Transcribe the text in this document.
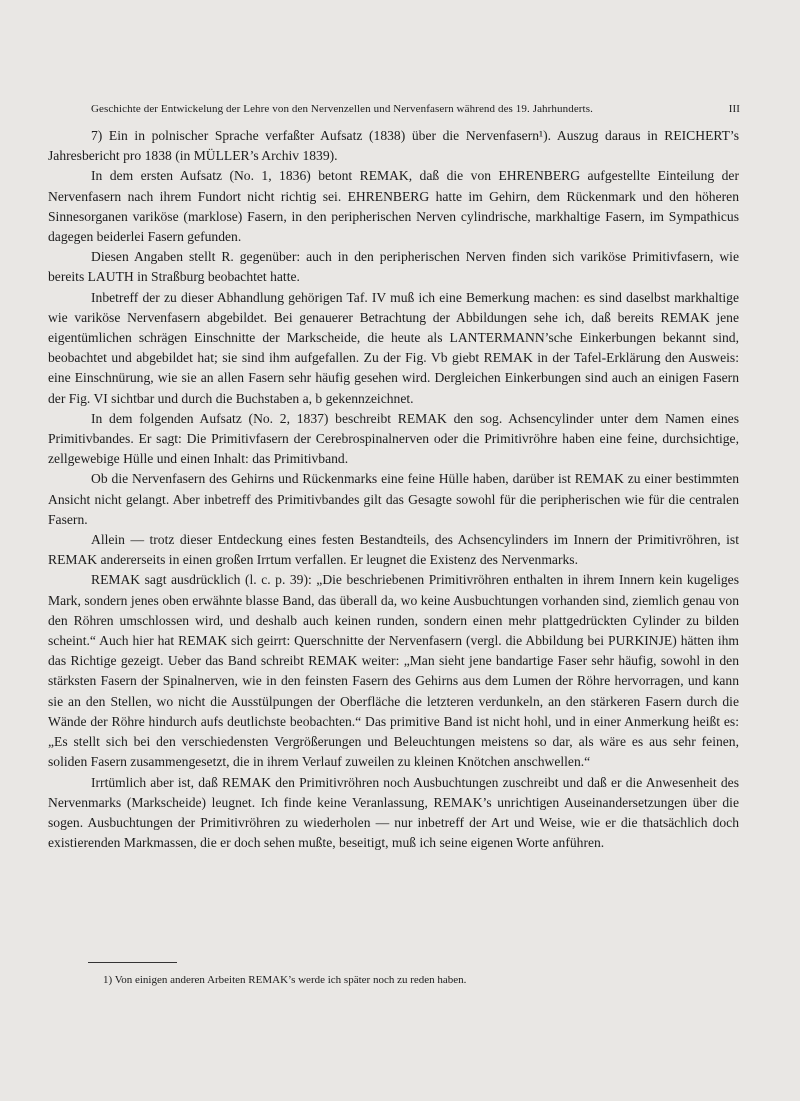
Geschichte der Entwickelung der Lehre von den Nervenzellen und Nervenfasern während des 19. Jahrhunderts.	III

7) Ein in polnischer Sprache verfaßter Aufsatz (1838) über die Nervenfasern¹). Auszug daraus in REICHERT’s Jahresbericht pro 1838 (in MÜLLER’s Archiv 1839).

In dem ersten Aufsatz (No. 1, 1836) betont REMAK, daß die von EHRENBERG aufgestellte Einteilung der Nervenfasern nach ihrem Fundort nicht richtig sei. EHRENBERG hatte im Gehirn, dem Rückenmark und den höheren Sinnesorganen variköse (marklose) Fasern, in den peripherischen Nerven cylindrische, markhaltige Fasern, im Sympathicus dagegen beiderlei Fasern gefunden.

Diesen Angaben stellt R. gegenüber: auch in den peripherischen Nerven finden sich variköse Primitivfasern, wie bereits LAUTH in Straßburg beobachtet hatte.

Inbetreff der zu dieser Abhandlung gehörigen Taf. IV muß ich eine Bemerkung machen: es sind daselbst markhaltige wie variköse Nervenfasern abgebildet. Bei genauerer Betrachtung der Abbildungen sehe ich, daß bereits REMAK jene eigentümlichen schrägen Einschnitte der Markscheide, die heute als LANTERMANN’sche Einkerbungen bekannt sind, beobachtet und abgebildet hat; sie sind ihm aufgefallen. Zu der Fig. Vb giebt REMAK in der Tafel-Erklärung den Ausweis: eine Einschnürung, wie sie an allen Fasern sehr häufig gesehen wird. Dergleichen Einkerbungen sind auch an einigen Fasern der Fig. VI sichtbar und durch die Buchstaben a, b gekennzeichnet.

In dem folgenden Aufsatz (No. 2, 1837) beschreibt REMAK den sog. Achsencylinder unter dem Namen eines Primitivbandes. Er sagt: Die Primitivfasern der Cerebrospinalnerven oder die Primitivröhre haben eine feine, durchsichtige, zellgewebige Hülle und einen Inhalt: das Primitivband.

Ob die Nervenfasern des Gehirns und Rückenmarks eine feine Hülle haben, darüber ist REMAK zu einer bestimmten Ansicht nicht gelangt. Aber inbetreff des Primitivbandes gilt das Gesagte sowohl für die peripherischen wie für die centralen Fasern.

Allein — trotz dieser Entdeckung eines festen Bestandteils, des Achsencylinders im Innern der Primitivröhren, ist REMAK andererseits in einen großen Irrtum verfallen. Er leugnet die Existenz des Nervenmarks.

REMAK sagt ausdrücklich (l. c. p. 39): „Die beschriebenen Primitivröhren enthalten in ihrem Innern kein kugeliges Mark, sondern jenes oben erwähnte blasse Band, das überall da, wo keine Ausbuchtungen vorhanden sind, ziemlich genau von den Röhren umschlossen wird, und deshalb auch keinen runden, sondern einen mehr plattgedrückten Cylinder zu bilden scheint.“ Auch hier hat REMAK sich geirrt: Querschnitte der Nervenfasern (vergl. die Abbildung bei PURKINJE) hätten ihm das Richtige gezeigt. Ueber das Band schreibt REMAK weiter: „Man sieht jene bandartige Faser sehr häufig, sowohl in den stärksten Fasern der Spinalnerven, wie in den feinsten Fasern des Gehirns aus dem Lumen der Röhre hervorragen, und kann sie an den Stellen, wo nicht die Ausstülpungen der Oberfläche die letzteren verdunkeln, an den stärkeren Fasern durch die Wände der Röhre hindurch aufs deutlichste beobachten.“ Das primitive Band ist nicht hohl, und in einer Anmerkung heißt es: „Es stellt sich bei den verschiedensten Vergrößerungen und Beleuchtungen meistens so dar, als wäre es aus sehr feinen, soliden Fasern zusammengesetzt, die in ihrem Verlauf zuweilen zu kleinen Knötchen anschwellen.“

Irrtümlich aber ist, daß REMAK den Primitivröhren noch Ausbuchtungen zuschreibt und daß er die Anwesenheit des Nervenmarks (Markscheide) leugnet. Ich finde keine Veranlassung, REMAK’s unrichtigen Auseinandersetzungen über die sogen. Ausbuchtungen der Primitivröhren zu wiederholen — nur inbetreff der Art und Weise, wie er die thatsächlich doch existierenden Markmassen, die er doch sehen mußte, beseitigt, muß ich seine eigenen Worte anführen.

1) Von einigen anderen Arbeiten REMAK’s werde ich später noch zu reden haben.
